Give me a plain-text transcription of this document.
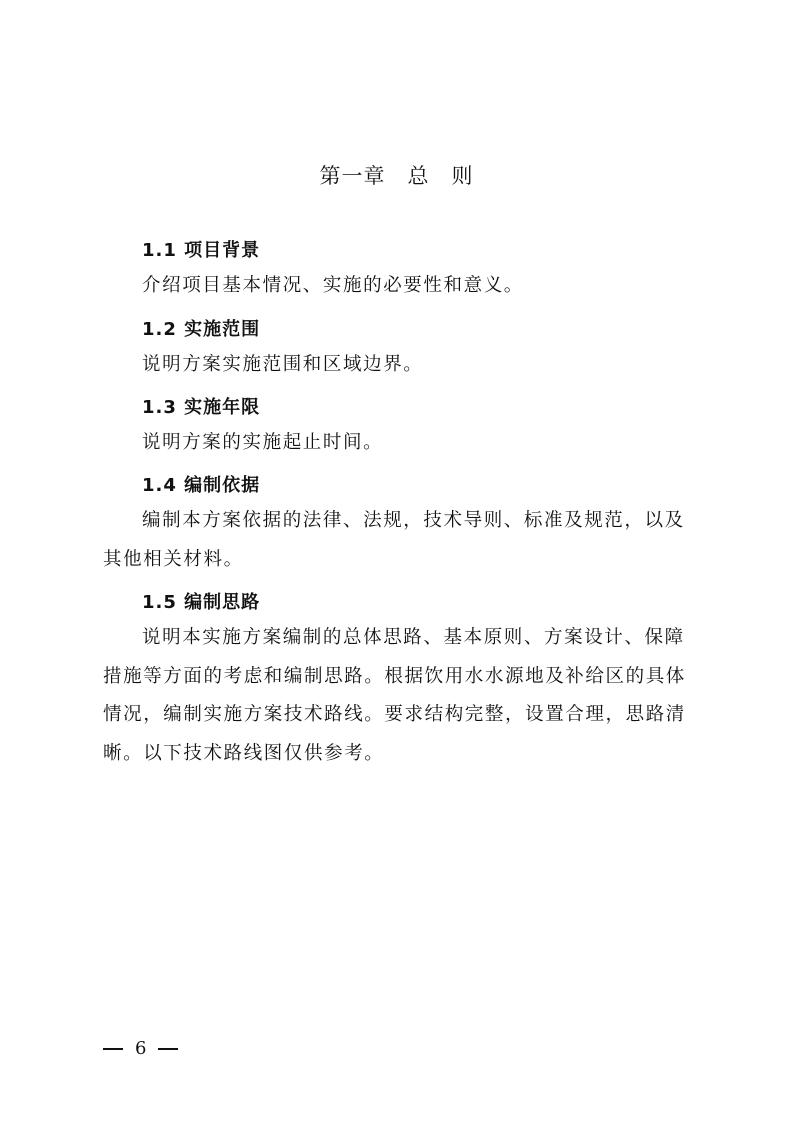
第一章　总　则
1.1 项目背景

介绍项目基本情况、实施的必要性和意义。

1.2 实施范围

说明方案实施范围和区域边界。

1.3 实施年限

说明方案的实施起止时间。

1.4 编制依据

编制本方案依据的法律、法规，技术导则、标准及规范，以及其他相关材料。

1.5 编制思路

说明本实施方案编制的总体思路、基本原则、方案设计、保障措施等方面的考虑和编制思路。根据饮用水水源地及补给区的具体情况，编制实施方案技术路线。要求结构完整，设置合理，思路清晰。以下技术路线图仅供参考。

6
